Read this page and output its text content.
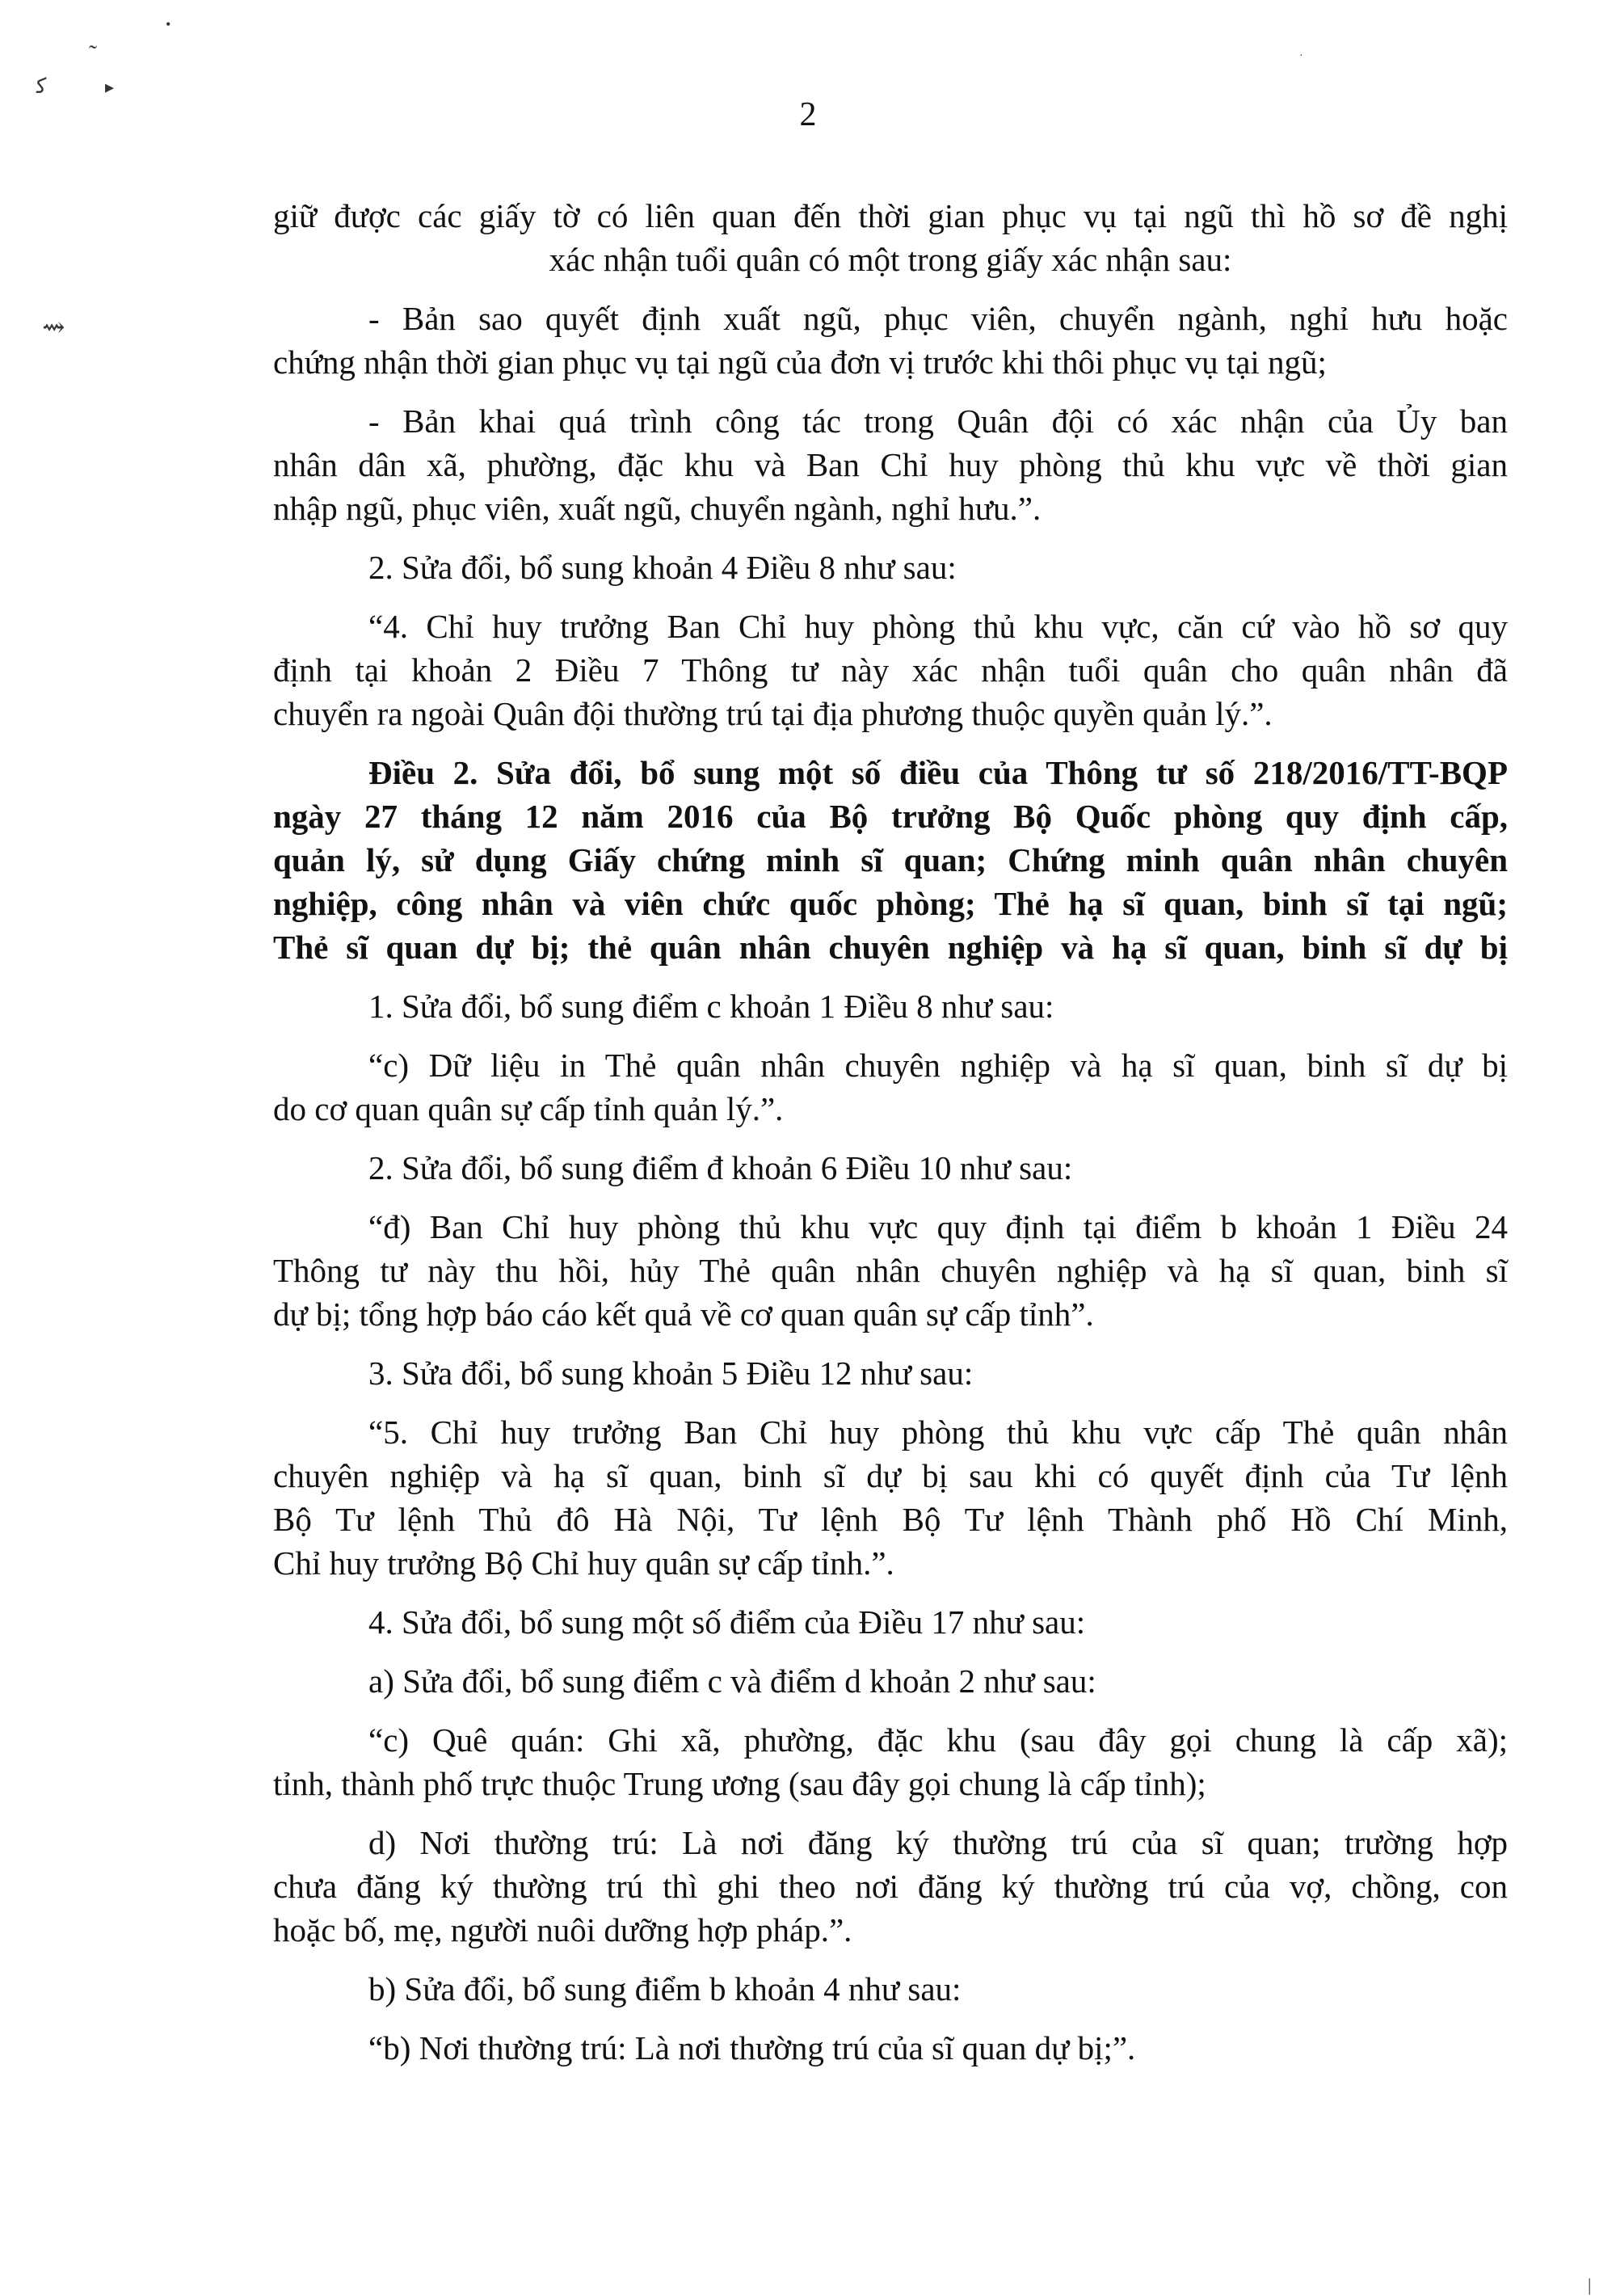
•
˜
ﮐ	▸
⇝
·
|
2
giữ được các giấy tờ có liên quan đến thời gian phục vụ tại ngũ thì hồ sơ đề nghị
xác nhận tuổi quân có một trong giấy xác nhận sau:
- Bản sao quyết định xuất ngũ, phục viên, chuyển ngành, nghỉ hưu hoặc
chứng nhận thời gian phục vụ tại ngũ của đơn vị trước khi thôi phục vụ tại ngũ;
- Bản khai quá trình công tác trong Quân đội có xác nhận của Ủy ban
nhân dân xã, phường, đặc khu và Ban Chỉ huy phòng thủ khu vực về thời gian
nhập ngũ, phục viên, xuất ngũ, chuyển ngành, nghỉ hưu.”.
2. Sửa đổi, bổ sung khoản 4 Điều 8 như sau:
“4. Chỉ huy trưởng Ban Chỉ huy phòng thủ khu vực, căn cứ vào hồ sơ quy
định tại khoản 2 Điều 7 Thông tư này xác nhận tuổi quân cho quân nhân đã
chuyển ra ngoài Quân đội thường trú tại địa phương thuộc quyền quản lý.”.
Điều 2. Sửa đổi, bổ sung một số điều của Thông tư số 218/2016/TT-BQP
ngày 27 tháng 12 năm 2016 của Bộ trưởng Bộ Quốc phòng quy định cấp,
quản lý, sử dụng Giấy chứng minh sĩ quan; Chứng minh quân nhân chuyên
nghiệp, công nhân và viên chức quốc phòng; Thẻ hạ sĩ quan, binh sĩ tại ngũ;
Thẻ sĩ quan dự bị; thẻ quân nhân chuyên nghiệp và hạ sĩ quan, binh sĩ dự bị
1. Sửa đổi, bổ sung điểm c khoản 1 Điều 8 như sau:
“c) Dữ liệu in Thẻ quân nhân chuyên nghiệp và hạ sĩ quan, binh sĩ dự bị
do cơ quan quân sự cấp tỉnh quản lý.”.
2. Sửa đổi, bổ sung điểm đ khoản 6 Điều 10 như sau:
“đ) Ban Chỉ huy phòng thủ khu vực quy định tại điểm b khoản 1 Điều 24
Thông tư này thu hồi, hủy Thẻ quân nhân chuyên nghiệp và hạ sĩ quan, binh sĩ
dự bị; tổng hợp báo cáo kết quả về cơ quan quân sự cấp tỉnh”.
3. Sửa đổi, bổ sung khoản 5 Điều 12 như sau:
“5. Chỉ huy trưởng Ban Chỉ huy phòng thủ khu vực cấp Thẻ quân nhân
chuyên nghiệp và hạ sĩ quan, binh sĩ dự bị sau khi có quyết định của Tư lệnh
Bộ Tư lệnh Thủ đô Hà Nội, Tư lệnh Bộ Tư lệnh Thành phố Hồ Chí Minh,
Chỉ huy trưởng Bộ Chỉ huy quân sự cấp tỉnh.”.
4. Sửa đổi, bổ sung một số điểm của Điều 17 như sau:
a) Sửa đổi, bổ sung điểm c và điểm d khoản 2 như sau:
“c) Quê quán: Ghi xã, phường, đặc khu (sau đây gọi chung là cấp xã);
tỉnh, thành phố trực thuộc Trung ương (sau đây gọi chung là cấp tỉnh);
d) Nơi thường trú: Là nơi đăng ký thường trú của sĩ quan; trường hợp
chưa đăng ký thường trú thì ghi theo nơi đăng ký thường trú của vợ, chồng, con
hoặc bố, mẹ, người nuôi dưỡng hợp pháp.”.
b) Sửa đổi, bổ sung điểm b khoản 4 như sau:
“b) Nơi thường trú: Là nơi thường trú của sĩ quan dự bị;”.
